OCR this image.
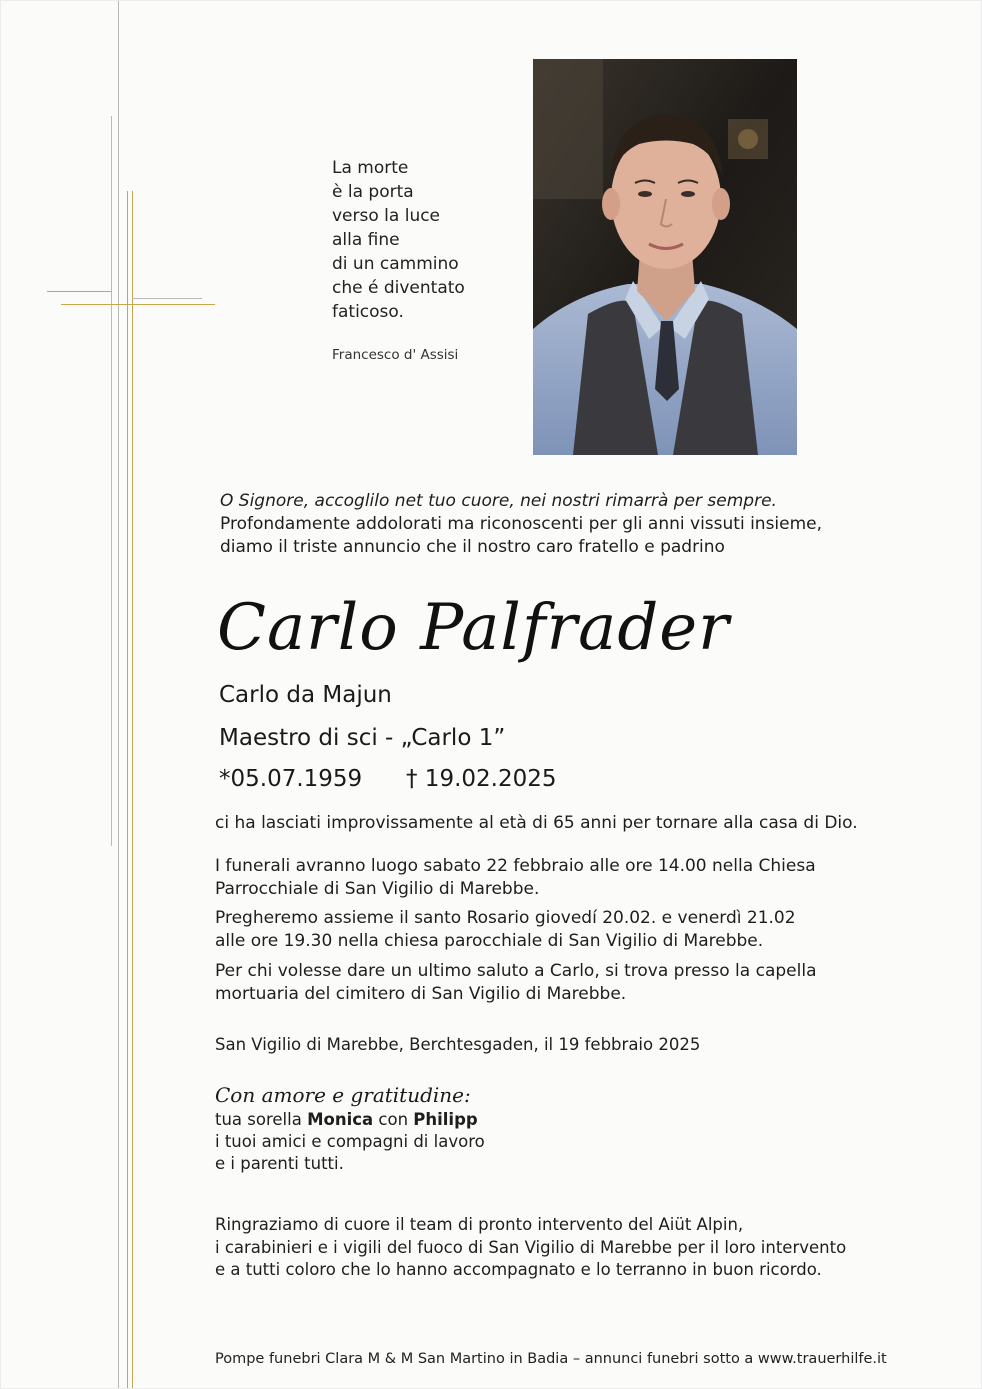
La morte
è la porta
verso la luce
alla fine
di un cammino
che é diventato
faticoso.
Francesco d' Assisi
O Signore, accoglilo net tuo cuore, nei nostri rimarrà per sempre.
Profondamente addolorati ma riconoscenti per gli anni vissuti insieme,
diamo il triste annuncio che il nostro caro fratello e padrino
Carlo Palfrader
Carlo da Majun
Maestro di sci - „Carlo 1”
*05.07.1959 † 19.02.2025
ci ha lasciati improvissamente al età di 65 anni per tornare alla casa di Dio.
I funerali avranno luogo sabato 22 febbraio alle ore 14.00 nella Chiesa
Parrocchiale di San Vigilio di Marebbe.
Pregheremo assieme il santo Rosario giovedí 20.02. e venerdì 21.02
alle ore 19.30 nella chiesa parocchiale di San Vigilio di Marebbe.
Per chi volesse dare un ultimo saluto a Carlo, si trova presso la capella
mortuaria del cimitero di San Vigilio di Marebbe.
San Vigilio di Marebbe, Berchtesgaden, il 19 febbraio 2025
Con amore e gratitudine:
tua sorella Monica con Philipp
i tuoi amici e compagni di lavoro
e i parenti tutti.
Ringraziamo di cuore il team di pronto intervento del Aiüt Alpin,
i carabinieri e i vigili del fuoco di San Vigilio di Marebbe per il loro intervento
e a tutti coloro che lo hanno accompagnato e lo terranno in buon ricordo.
Pompe funebri Clara M & M San Martino in Badia – annunci funebri sotto a www.trauerhilfe.it
